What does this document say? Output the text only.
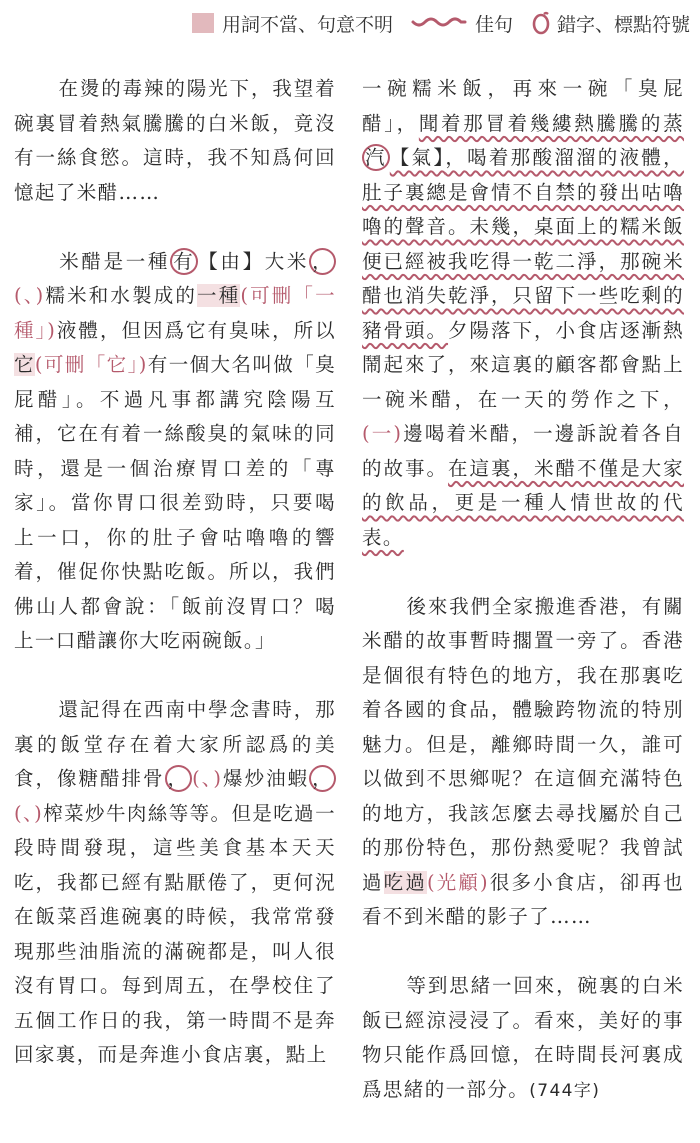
用詞不當、句意不明	佳句 錯字、標點符號

在燙的毒辣的陽光下，我望着碗裏冒着熱氣騰騰的白米飯，竟沒有一絲食慾。這時，我不知爲何回憶起了米醋……

米醋是一種 有 【由】大米 ，(、)糯米和水製成的一種(可刪「一種」)液體，但因爲它有臭味，所以它(可刪「它」)有一個大名叫做「臭屁醋」。不過凡事都講究陰陽互補，它在有着一絲酸臭的氣味的同時，還是一個治療胃口差的「專家」。當你胃口很差勁時，只要喝上一口，你的肚子會咕嚕嚕的響着，催促你快點吃飯。所以，我們佛山人都會說：「飯前沒胃口？喝上一口醋讓你大吃兩碗飯。」

還記得在西南中學念書時，那裏的飯堂存在着大家所認爲的美食，像糖醋排骨 ， (、)爆炒油蝦 ，(、)榨菜炒牛肉絲等等。但是吃過一段時間發現，這些美食基本天天吃，我都已經有點厭倦了，更何況在飯菜舀進碗裏的時候，我常常發現那些油脂流的滿碗都是，叫人很沒有胃口。每到周五，在學校住了五個工作日的我，第一時間不是奔回家裏，而是奔進小食店裏，點上

一碗糯米飯，再來一碗「臭屁醋」，聞着那冒着幾縷熱騰騰的蒸汽 【氣】，喝着那酸溜溜的液體，肚子裏總是會情不自禁的發出咕嚕嚕的聲音。未幾，桌面上的糯米飯便已經被我吃得一乾二淨，那碗米醋也消失乾淨，只留下一些吃剩的豬骨頭。夕陽落下，小食店逐漸熱鬧起來了，來這裏的顧客都會點上一碗米醋，在一天的勞作之下，(一)邊喝着米醋，一邊訴說着各自的故事。在這裏，米醋不僅是大家的飲品，更是一種人情世故的代表。

後來我們全家搬進香港，有關米醋的故事暫時擱置一旁了。香港是個很有特色的地方，我在那裏吃着各國的食品，體驗跨物流的特別魅力。但是，離鄉時間一久，誰可以做到不思鄉呢？在這個充滿特色的地方，我該怎麼去尋找屬於自己的那份特色，那份熱愛呢？我曾試過吃過(光顧)很多小食店，卻再也看不到米醋的影子了……

等到思緒一回來，碗裏的白米飯已經涼浸浸了。看來，美好的事物只能作爲回憶，在時間長河裏成爲思緒的一部分。(744字)
